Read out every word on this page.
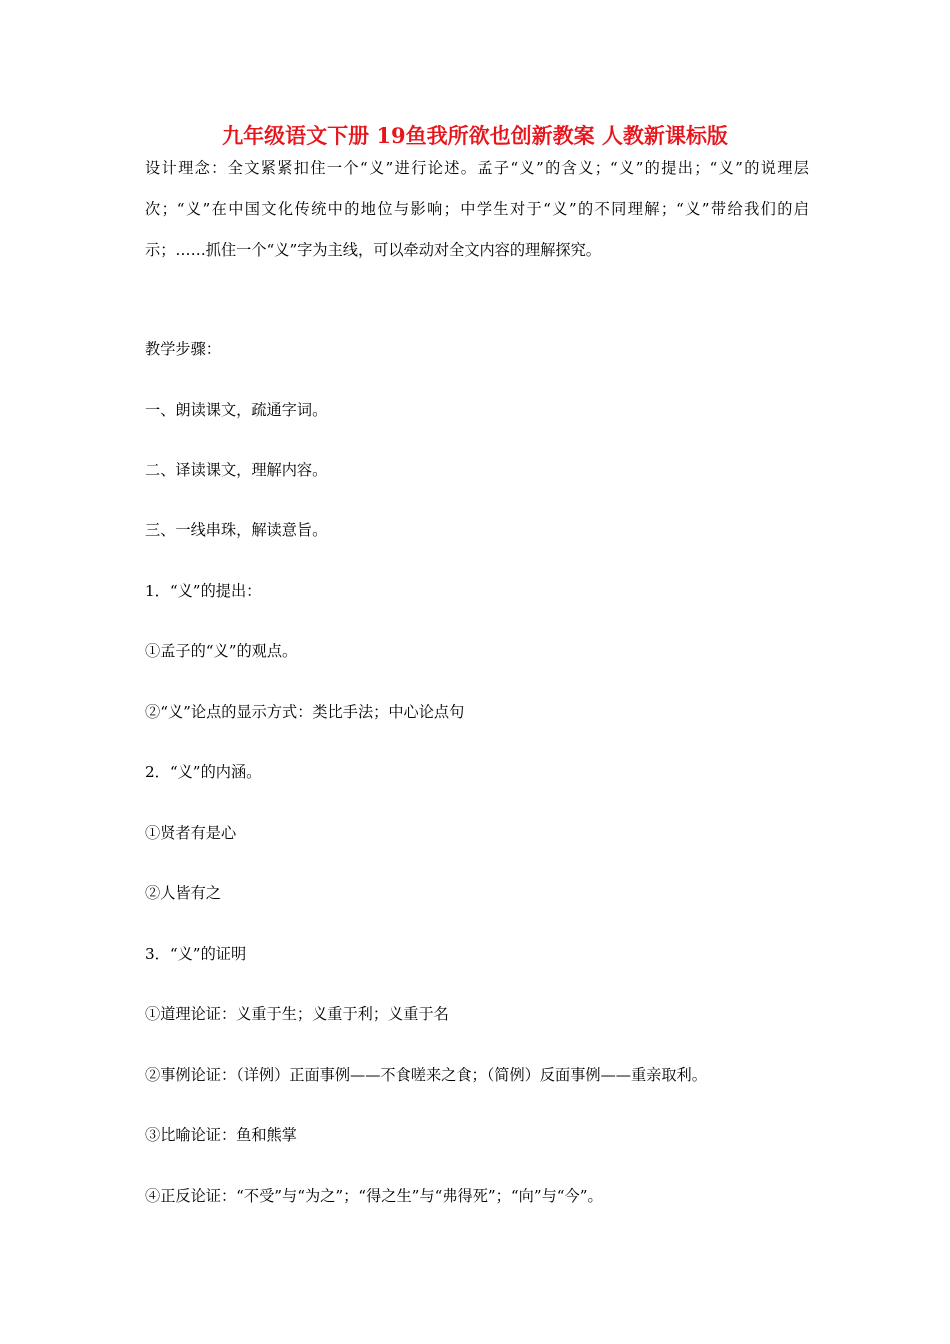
九年级语文下册 19鱼我所欲也创新教案 人教新课标版

设计理念：全文紧紧扣住一个“义”进行论述。孟子“义”的含义；“义”的提出；“义”的说理层次；“义”在中国文化传统中的地位与影响；中学生对于“义”的不同理解；“义”带给我们的启示；……抓住一个“义”字为主线，可以牵动对全文内容的理解探究。

教学步骤：

一、朗读课文，疏通字词。

二、译读课文，理解内容。

三、一线串珠，解读意旨。

1．“义”的提出：

①孟子的“义”的观点。

②“义”论点的显示方式：类比手法；中心论点句

2．“义”的内涵。

①贤者有是心

②人皆有之

3．“义”的证明

①道理论证：义重于生；义重于利；义重于名

②事例论证：（详例）正面事例——不食嗟来之食；（简例）反面事例——重亲取利。

③比喻论证：鱼和熊掌

④正反论证：“不受”与“为之”；“得之生”与“弗得死”；“向”与“今”。
